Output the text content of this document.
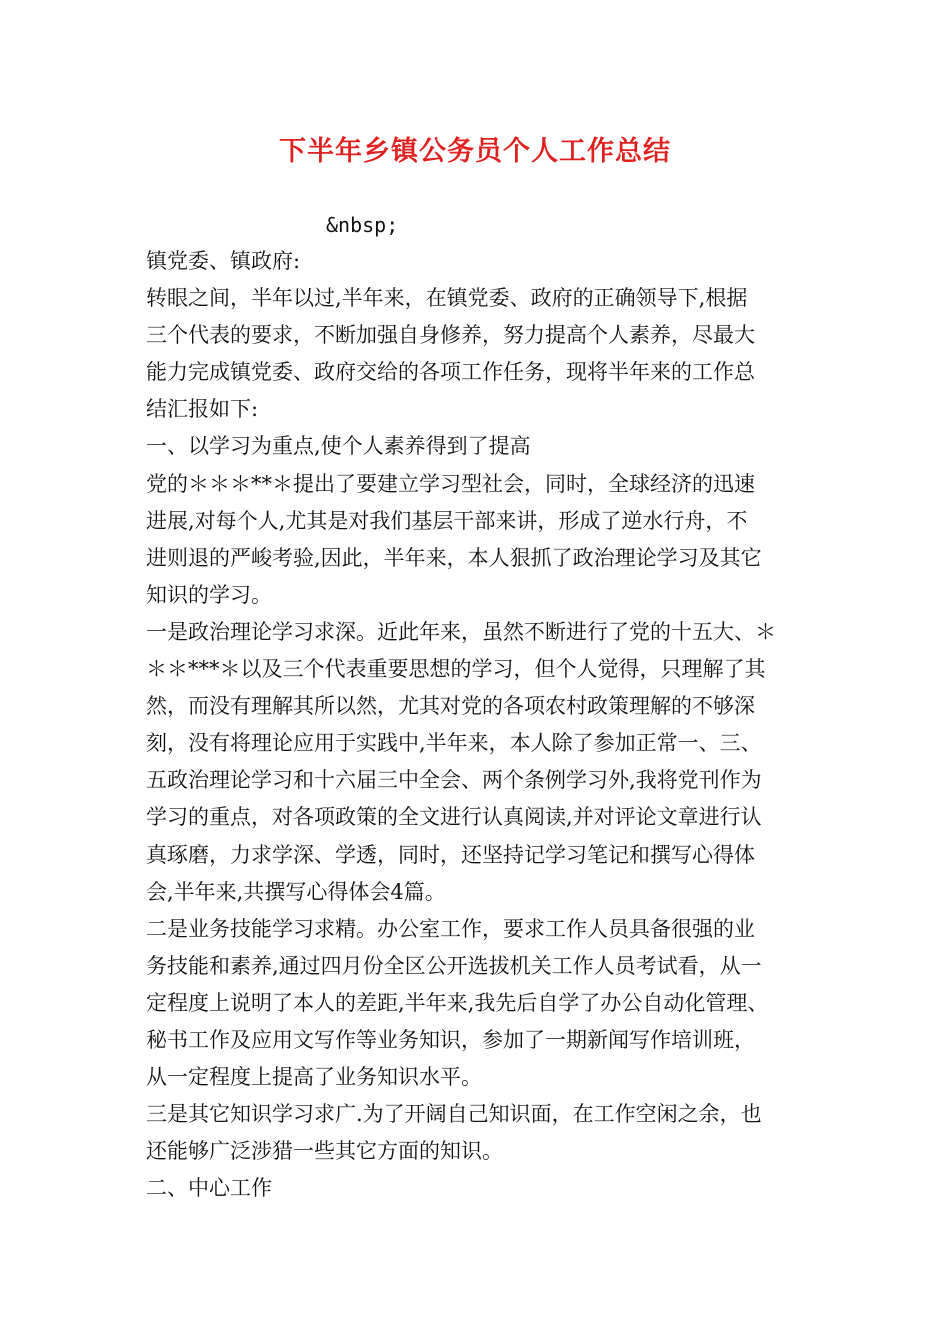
下半年乡镇公务员个人工作总结
&nbsp;
镇党委、镇政府:
转眼之间，半年以过,半年来，在镇党委、政府的正确领导下,根据
三个代表的要求，不断加强自身修养，努力提高个人素养，尽最大
能力完成镇党委、政府交给的各项工作任务，现将半年来的工作总
结汇报如下:
一、以学习为重点,使个人素养得到了提高
党的＊＊＊**＊提出了要建立学习型社会，同时，全球经济的迅速
进展,对每个人,尤其是对我们基层干部来讲，形成了逆水行舟，不
进则退的严峻考验,因此，半年来，本人狠抓了政治理论学习及其它
知识的学习。
一是政治理论学习求深。近此年来，虽然不断进行了党的十五大、＊
＊＊***＊以及三个代表重要思想的学习，但个人觉得，只理解了其
然，而没有理解其所以然，尤其对党的各项农村政策理解的不够深
刻，没有将理论应用于实践中,半年来，本人除了参加正常一、三、
五政治理论学习和十六届三中全会、两个条例学习外,我将党刊作为
学习的重点，对各项政策的全文进行认真阅读,并对评论文章进行认
真琢磨，力求学深、学透，同时，还坚持记学习笔记和撰写心得体
会,半年来,共撰写心得体会4篇。
二是业务技能学习求精。办公室工作，要求工作人员具备很强的业
务技能和素养,通过四月份全区公开选拔机关工作人员考试看，从一
定程度上说明了本人的差距,半年来,我先后自学了办公自动化管理、
秘书工作及应用文写作等业务知识，参加了一期新闻写作培训班，
从一定程度上提高了业务知识水平。
三是其它知识学习求广.为了开阔自己知识面，在工作空闲之余，也
还能够广泛涉猎一些其它方面的知识。
二、中心工作
